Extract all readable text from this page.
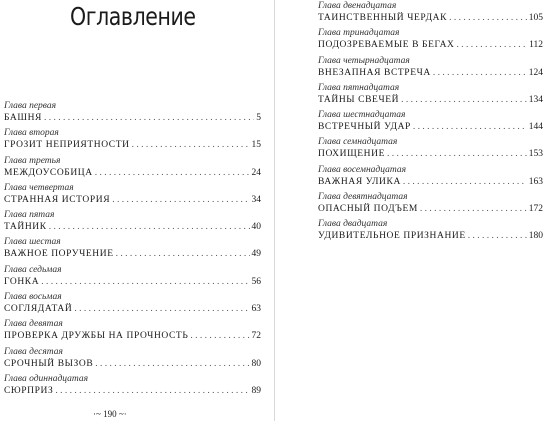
Оглавление
Глава первая
БАШНЯ . . .	5
Глава вторая
ГРОЗИТ НЕПРИЯТНОСТИ . . .	15
Глава третья
МЕЖДОУСОБИЦА . . .	24
Глава четвертая
СТРАННАЯ ИСТОРИЯ . . .	34
Глава пятая
ТАЙНИК . . .	40
Глава шестая
ВАЖНОЕ ПОРУЧЕНИЕ . . .	49
Глава седьмая
ГОНКА . . .	56
Глава восьмая
СОГЛЯДАТАЙ . . .	63
Глава девятая
ПРОВЕРКА ДРУЖБЫ НА ПРОЧНОСТЬ . . .	72
Глава десятая
СРОЧНЫЙ ВЫЗОВ . . .	80
Глава одиннадцатая
СЮРПРИЗ . . .	89
·~ 190 ~·
Глава двенадцатая
ТАИНСТВЕННЫЙ ЧЕРДАК . . .	105
Глава тринадцатая
ПОДОЗРЕВАЕМЫЕ В БЕГАХ . . .	112
Глава четырнадцатая
ВНЕЗАПНАЯ ВСТРЕЧА . . .	124
Глава пятнадцатая
ТАЙНЫ СВЕЧЕЙ . . .	134
Глава шестнадцатая
ВСТРЕЧНЫЙ УДАР . . .	144
Глава семнадцатая
ПОХИЩЕНИЕ . . .	153
Глава восемнадцатая
ВАЖНАЯ УЛИКА . . .	163
Глава девятнадцатая
ОПАСНЫЙ ПОДЪЕМ . . .	172
Глава двадцатая
УДИВИТЕЛЬНОЕ ПРИЗНАНИЕ . . .	180
